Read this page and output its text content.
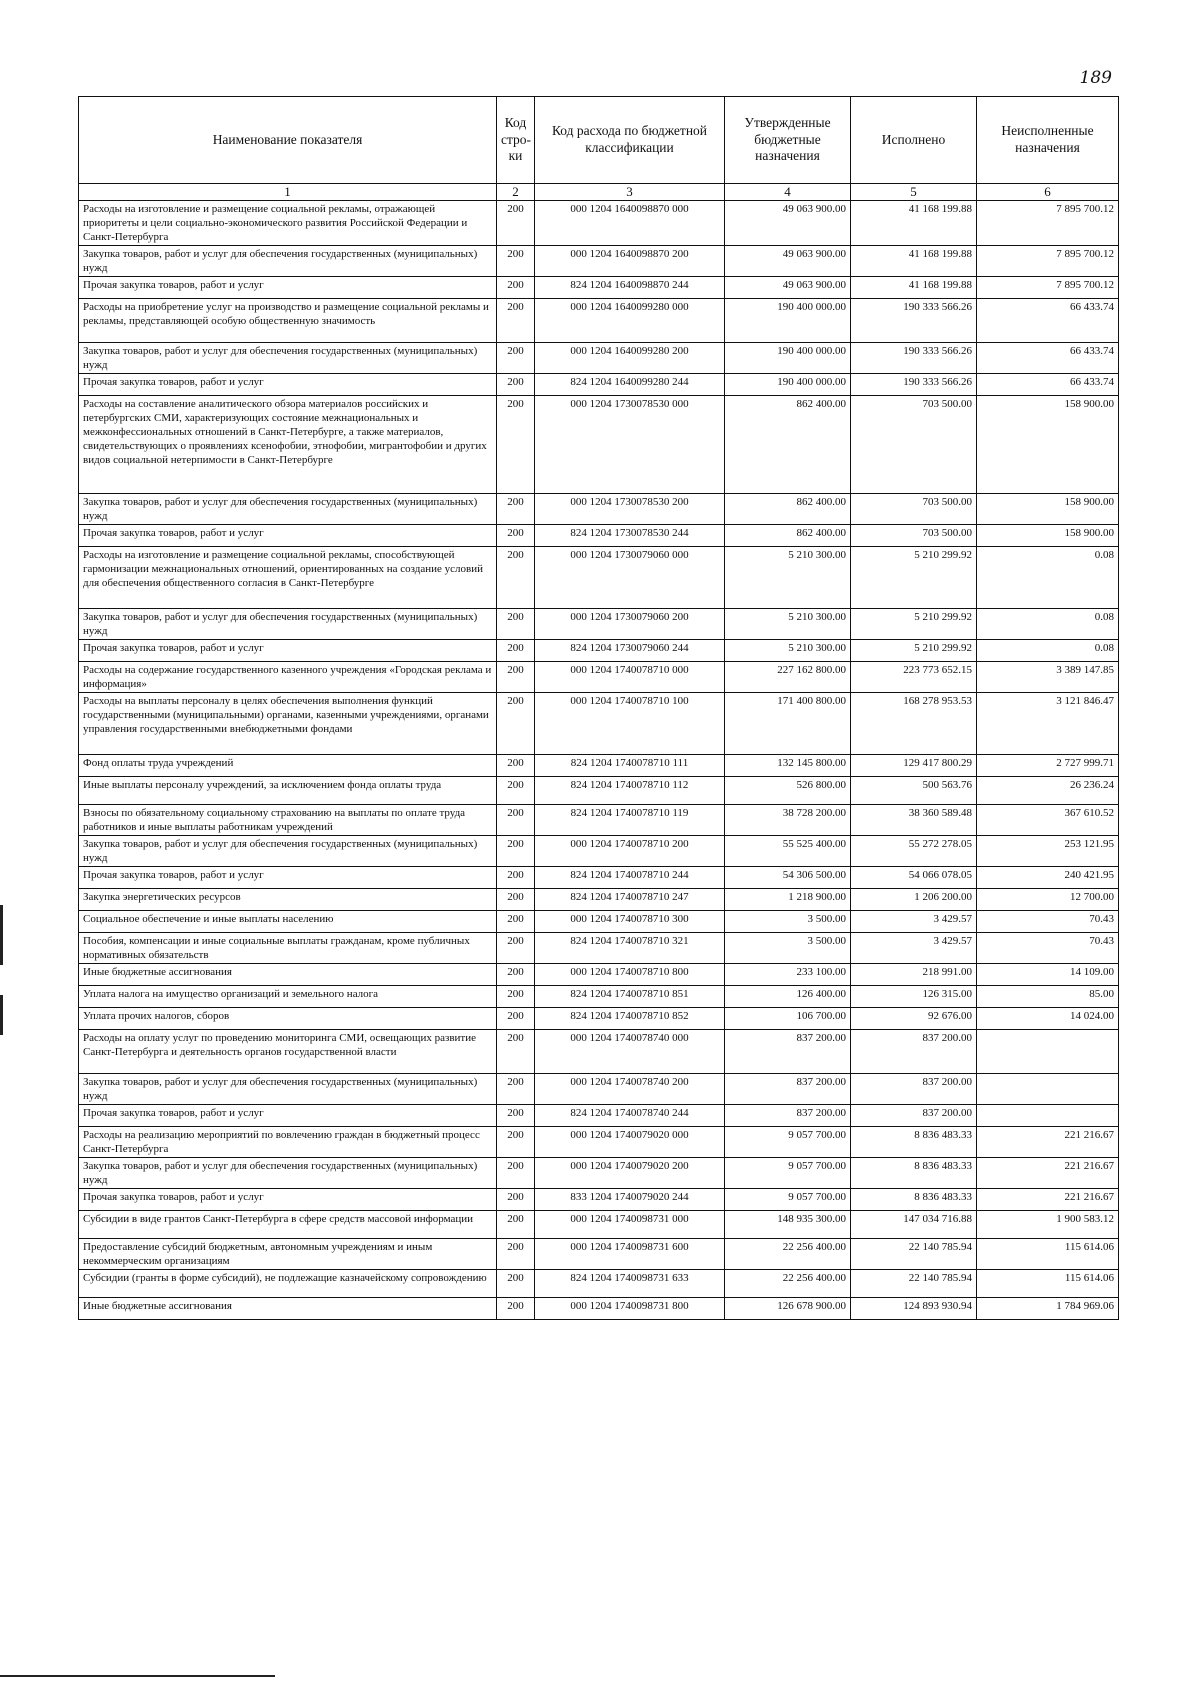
189
Наименование показателя	Код стро- ки	Код расхода по бюджетной классификации	Утвержденные бюджетные назначения	Исполнено	Неисполненные назначения
1	2	3	4	5	6
Расходы на изготовление и размещение социальной рекламы, отражающей приоритеты и цели социально-экономического развития Российской Федерации и Санкт-Петербурга	200	000 1204 1640098870 000	49 063 900.00	41 168 199.88	7 895 700.12
Закупка товаров, работ и услуг для обеспечения государственных (муниципальных) нужд	200	000 1204 1640098870 200	49 063 900.00	41 168 199.88	7 895 700.12
Прочая закупка товаров, работ и услуг	200	824 1204 1640098870 244	49 063 900.00	41 168 199.88	7 895 700.12
Расходы на приобретение услуг на производство и размещение социальной рекламы и рекламы, представляющей особую общественную значимость	200	000 1204 1640099280 000	190 400 000.00	190 333 566.26	66 433.74
Закупка товаров, работ и услуг для обеспечения государственных (муниципальных) нужд	200	000 1204 1640099280 200	190 400 000.00	190 333 566.26	66 433.74
Прочая закупка товаров, работ и услуг	200	824 1204 1640099280 244	190 400 000.00	190 333 566.26	66 433.74
Расходы на составление аналитического обзора материалов российских и петербургских СМИ, характеризующих состояние межнациональных и межконфессиональных отношений в Санкт-Петербурге, а также материалов, свидетельствующих о проявлениях ксенофобии, этнофобии, мигрантофобии и других видов социальной нетерпимости в Санкт-Петербурге	200	000 1204 1730078530 000	862 400.00	703 500.00	158 900.00
Закупка товаров, работ и услуг для обеспечения государственных (муниципальных) нужд	200	000 1204 1730078530 200	862 400.00	703 500.00	158 900.00
Прочая закупка товаров, работ и услуг	200	824 1204 1730078530 244	862 400.00	703 500.00	158 900.00
Расходы на изготовление и размещение социальной рекламы, способствующей гармонизации межнациональных отношений, ориентированных на создание условий для обеспечения общественного согласия в Санкт-Петербурге	200	000 1204 1730079060 000	5 210 300.00	5 210 299.92	0.08
Закупка товаров, работ и услуг для обеспечения государственных (муниципальных) нужд	200	000 1204 1730079060 200	5 210 300.00	5 210 299.92	0.08
Прочая закупка товаров, работ и услуг	200	824 1204 1730079060 244	5 210 300.00	5 210 299.92	0.08
Расходы на содержание государственного казенного учреждения «Городская реклама и информация»	200	000 1204 1740078710 000	227 162 800.00	223 773 652.15	3 389 147.85
Расходы на выплаты персоналу в целях обеспечения выполнения функций государственными (муниципальными) органами, казенными учреждениями, органами управления государственными внебюджетными фондами	200	000 1204 1740078710 100	171 400 800.00	168 278 953.53	3 121 846.47
Фонд оплаты труда учреждений	200	824 1204 1740078710 111	132 145 800.00	129 417 800.29	2 727 999.71
Иные выплаты персоналу учреждений, за исключением фонда оплаты труда	200	824 1204 1740078710 112	526 800.00	500 563.76	26 236.24
Взносы по обязательному социальному страхованию на выплаты по оплате труда работников и иные выплаты работникам учреждений	200	824 1204 1740078710 119	38 728 200.00	38 360 589.48	367 610.52
Закупка товаров, работ и услуг для обеспечения государственных (муниципальных) нужд	200	000 1204 1740078710 200	55 525 400.00	55 272 278.05	253 121.95
Прочая закупка товаров, работ и услуг	200	824 1204 1740078710 244	54 306 500.00	54 066 078.05	240 421.95
Закупка энергетических ресурсов	200	824 1204 1740078710 247	1 218 900.00	1 206 200.00	12 700.00
Социальное обеспечение и иные выплаты населению	200	000 1204 1740078710 300	3 500.00	3 429.57	70.43
Пособия, компенсации и иные социальные выплаты гражданам, кроме публичных нормативных обязательств	200	824 1204 1740078710 321	3 500.00	3 429.57	70.43
Иные бюджетные ассигнования	200	000 1204 1740078710 800	233 100.00	218 991.00	14 109.00
Уплата налога на имущество организаций и земельного налога	200	824 1204 1740078710 851	126 400.00	126 315.00	85.00
Уплата прочих налогов, сборов	200	824 1204 1740078710 852	106 700.00	92 676.00	14 024.00
Расходы на оплату услуг по проведению мониторинга СМИ, освещающих развитие Санкт-Петербурга и деятельность органов государственной власти	200	000 1204 1740078740 000	837 200.00	837 200.00	
Закупка товаров, работ и услуг для обеспечения государственных (муниципальных) нужд	200	000 1204 1740078740 200	837 200.00	837 200.00	
Прочая закупка товаров, работ и услуг	200	824 1204 1740078740 244	837 200.00	837 200.00	
Расходы на реализацию мероприятий по вовлечению граждан в бюджетный процесс Санкт-Петербурга	200	000 1204 1740079020 000	9 057 700.00	8 836 483.33	221 216.67
Закупка товаров, работ и услуг для обеспечения государственных (муниципальных) нужд	200	000 1204 1740079020 200	9 057 700.00	8 836 483.33	221 216.67
Прочая закупка товаров, работ и услуг	200	833 1204 1740079020 244	9 057 700.00	8 836 483.33	221 216.67
Субсидии в виде грантов Санкт-Петербурга в сфере средств массовой информации	200	000 1204 1740098731 000	148 935 300.00	147 034 716.88	1 900 583.12
Предоставление субсидий бюджетным, автономным учреждениям и иным некоммерческим организациям	200	000 1204 1740098731 600	22 256 400.00	22 140 785.94	115 614.06
Субсидии (гранты в форме субсидий), не подлежащие казначейскому сопровождению	200	824 1204 1740098731 633	22 256 400.00	22 140 785.94	115 614.06
Иные бюджетные ассигнования	200	000 1204 1740098731 800	126 678 900.00	124 893 930.94	1 784 969.06
